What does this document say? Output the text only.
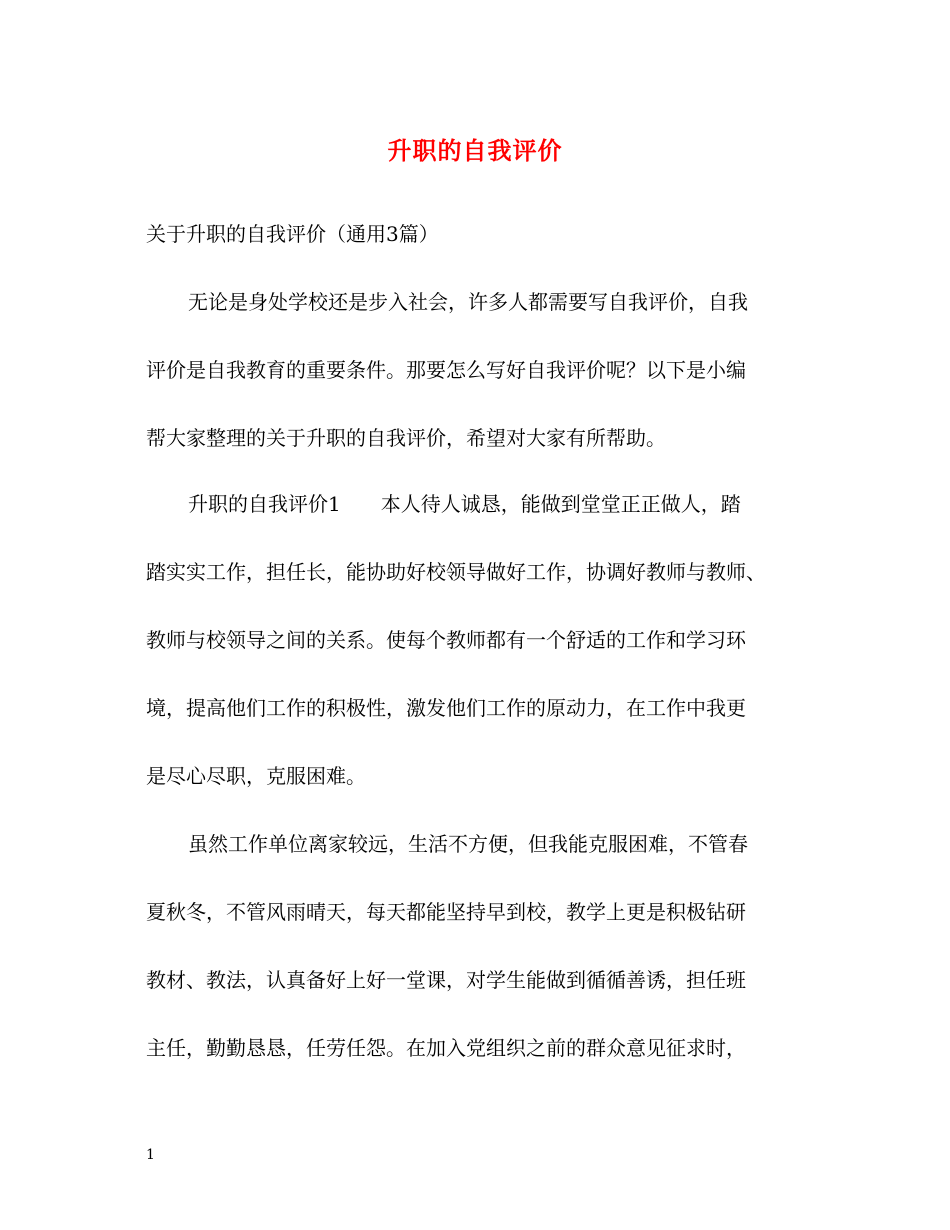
升职的自我评价
关于升职的自我评价（通用3篇）
无论是身处学校还是步入社会，许多人都需要写自我评价，自我
评价是自我教育的重要条件。那要怎么写好自我评价呢？以下是小编
帮大家整理的关于升职的自我评价，希望对大家有所帮助。
升职的自我评价1　　本人待人诚恳，能做到堂堂正正做人，踏
踏实实工作，担任长，能协助好校领导做好工作，协调好教师与教师、
教师与校领导之间的关系。使每个教师都有一个舒适的工作和学习环
境，提高他们工作的积极性，激发他们工作的原动力，在工作中我更
是尽心尽职，克服困难。
虽然工作单位离家较远，生活不方便，但我能克服困难，不管春
夏秋冬，不管风雨晴天，每天都能坚持早到校，教学上更是积极钻研
教材、教法，认真备好上好一堂课，对学生能做到循循善诱，担任班
主任，勤勤恳恳，任劳任怨。在加入党组织之前的群众意见征求时，
1
